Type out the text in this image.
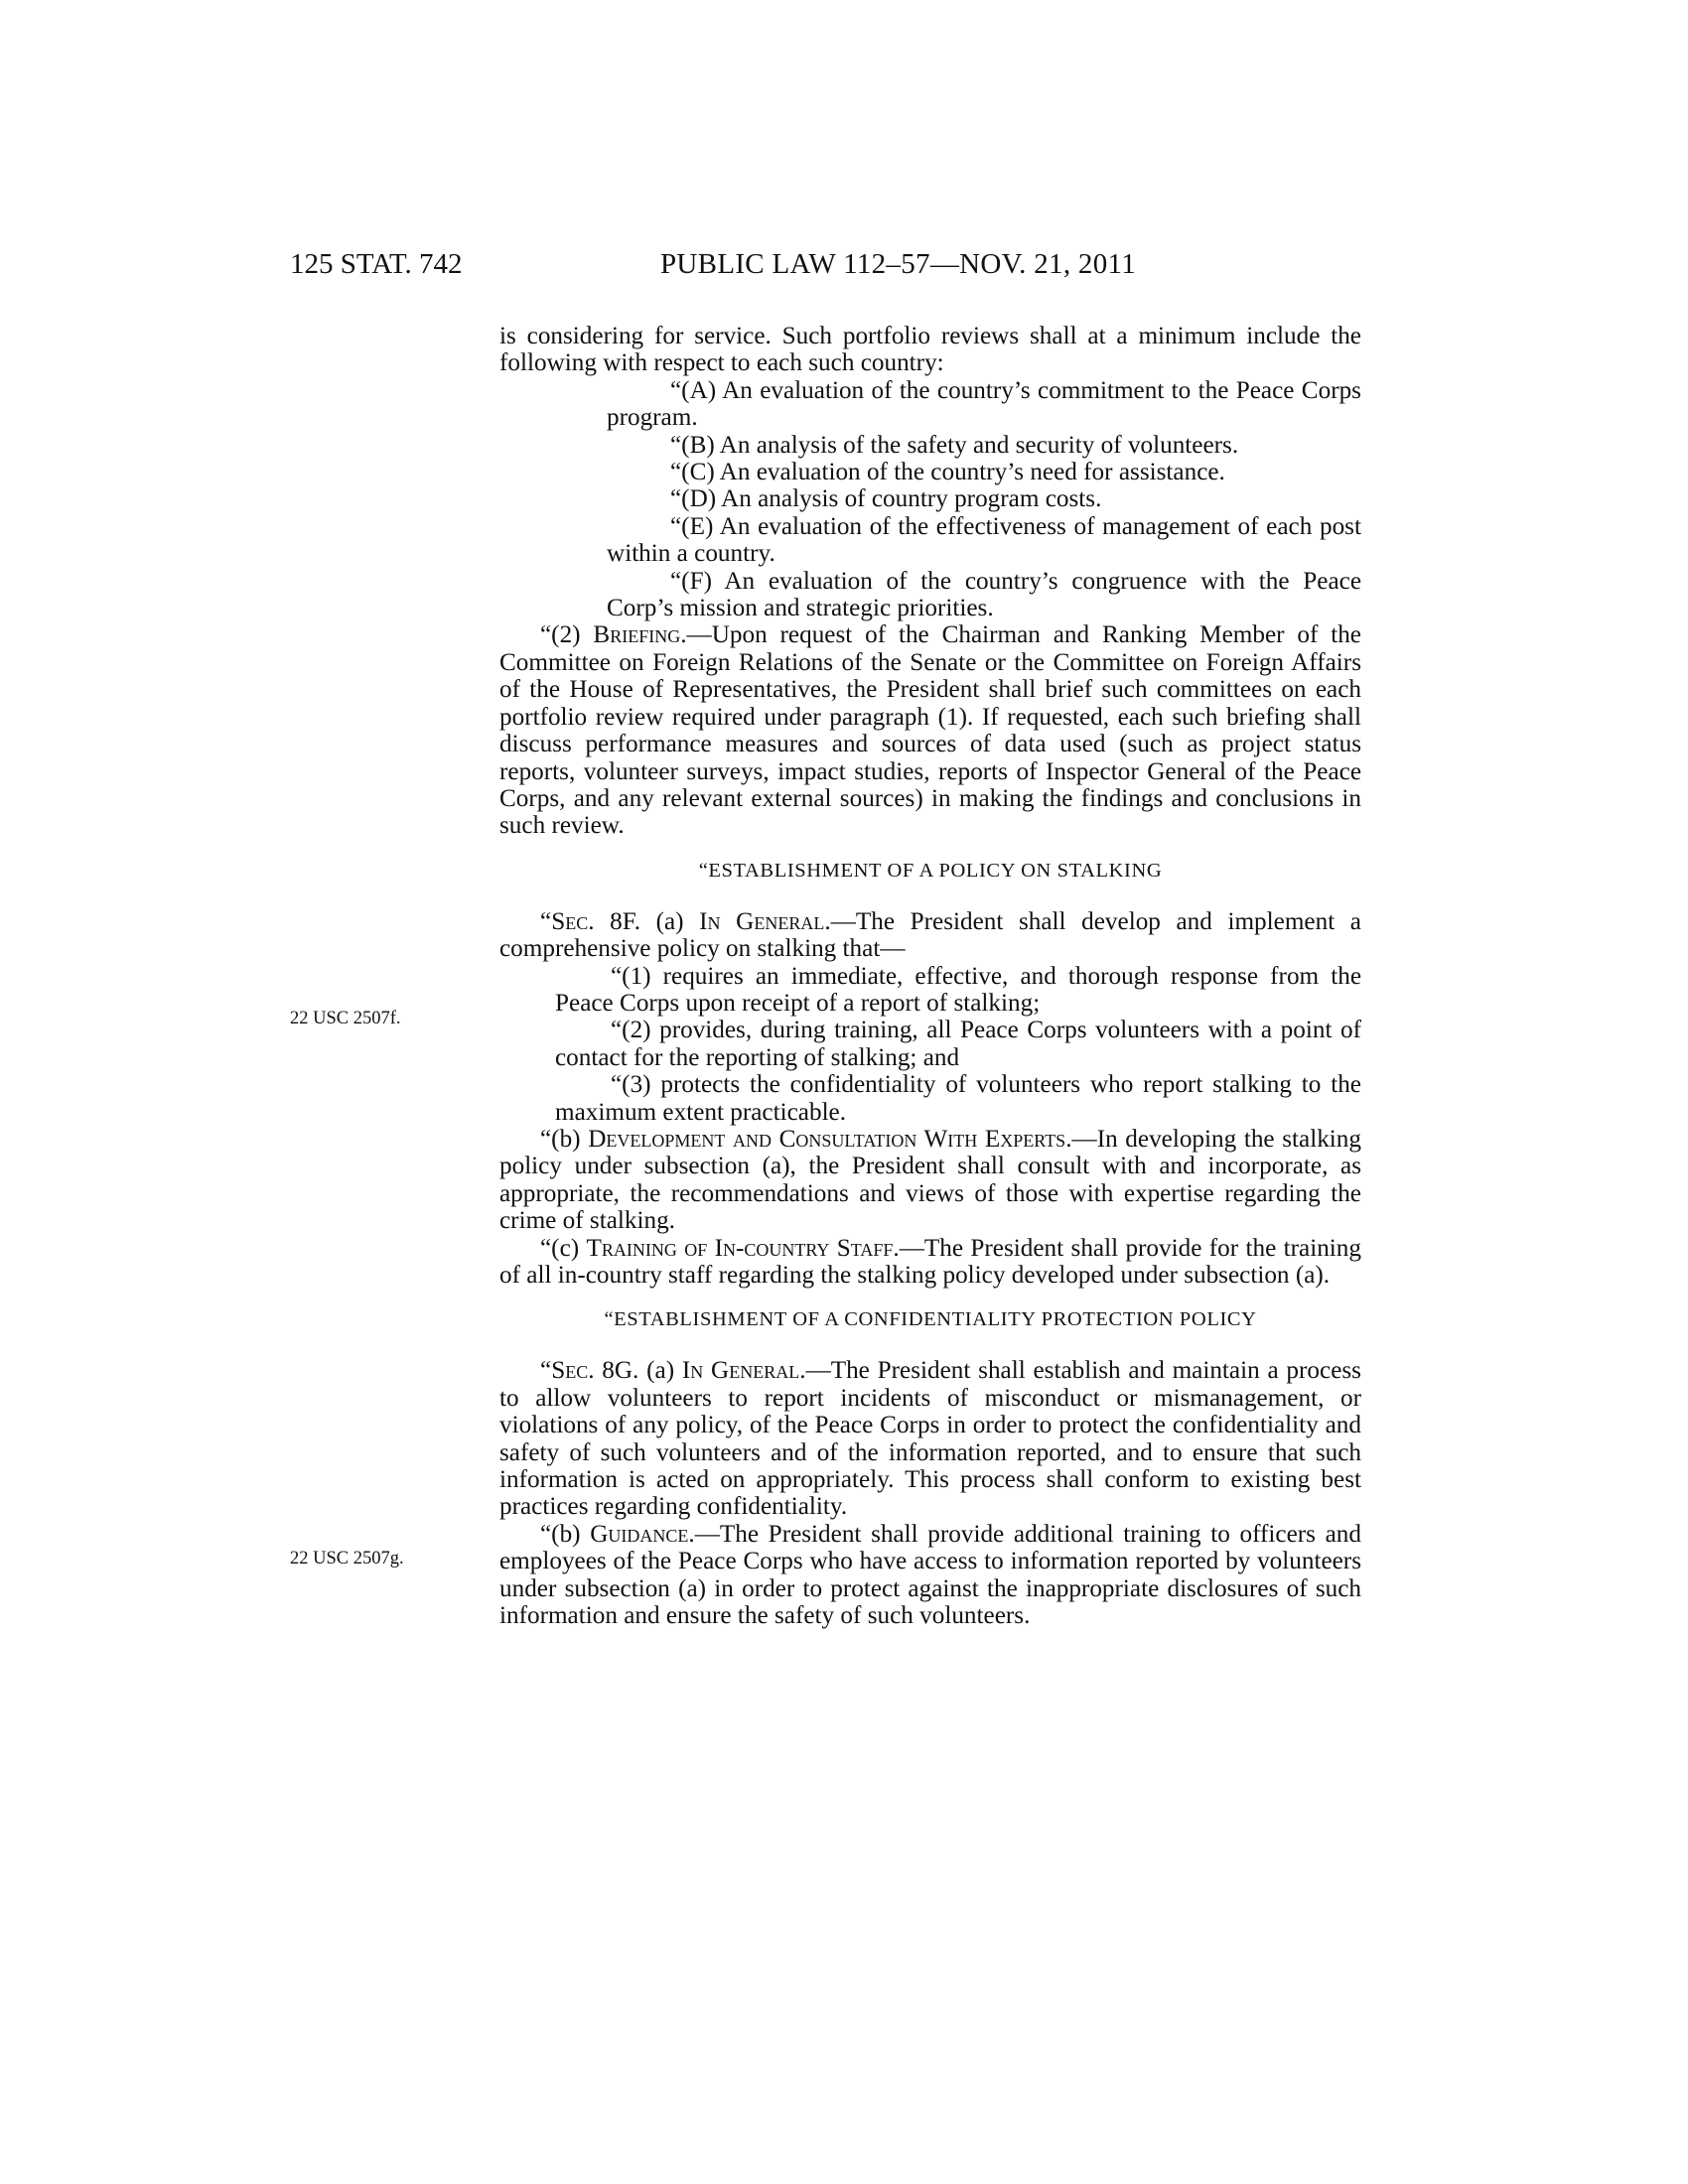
125 STAT. 742	PUBLIC LAW 112–57—NOV. 21, 2011
22 USC 2507f.
22 USC 2507g.

is considering for service. Such portfolio reviews shall at a minimum include the following with respect to each such country:

“(A) An evaluation of the country’s commitment to the Peace Corps program.

“(B) An analysis of the safety and security of volunteers.

“(C) An evaluation of the country’s need for assistance.

“(D) An analysis of country program costs.

“(E) An evaluation of the effectiveness of management of each post within a country.

“(F) An evaluation of the country’s congruence with the Peace Corp’s mission and strategic priorities.

“(2) Briefing.—Upon request of the Chairman and Ranking Member of the Committee on Foreign Relations of the Senate or the Committee on Foreign Affairs of the House of Representatives, the President shall brief such committees on each portfolio review required under paragraph (1). If requested, each such briefing shall discuss performance measures and sources of data used (such as project status reports, volunteer surveys, impact studies, reports of Inspector General of the Peace Corps, and any relevant external sources) in making the findings and conclusions in such review.

“ESTABLISHMENT OF A POLICY ON STALKING

“Sec. 8F. (a) In General.—The President shall develop and implement a comprehensive policy on stalking that—

“(1) requires an immediate, effective, and thorough response from the Peace Corps upon receipt of a report of stalking;

“(2) provides, during training, all Peace Corps volunteers with a point of contact for the reporting of stalking; and

“(3) protects the confidentiality of volunteers who report stalking to the maximum extent practicable.

“(b) Development and Consultation With Experts.—In developing the stalking policy under subsection (a), the President shall consult with and incorporate, as appropriate, the recommendations and views of those with expertise regarding the crime of stalking.

“(c) Training of In-country Staff.—The President shall provide for the training of all in-country staff regarding the stalking policy developed under subsection (a).

“ESTABLISHMENT OF A CONFIDENTIALITY PROTECTION POLICY

“Sec. 8G. (a) In General.—The President shall establish and maintain a process to allow volunteers to report incidents of misconduct or mismanagement, or violations of any policy, of the Peace Corps in order to protect the confidentiality and safety of such volunteers and of the information reported, and to ensure that such information is acted on appropriately. This process shall conform to existing best practices regarding confidentiality.

“(b) Guidance.—The President shall provide additional training to officers and employees of the Peace Corps who have access to information reported by volunteers under subsection (a) in order to protect against the inappropriate disclosures of such information and ensure the safety of such volunteers.
